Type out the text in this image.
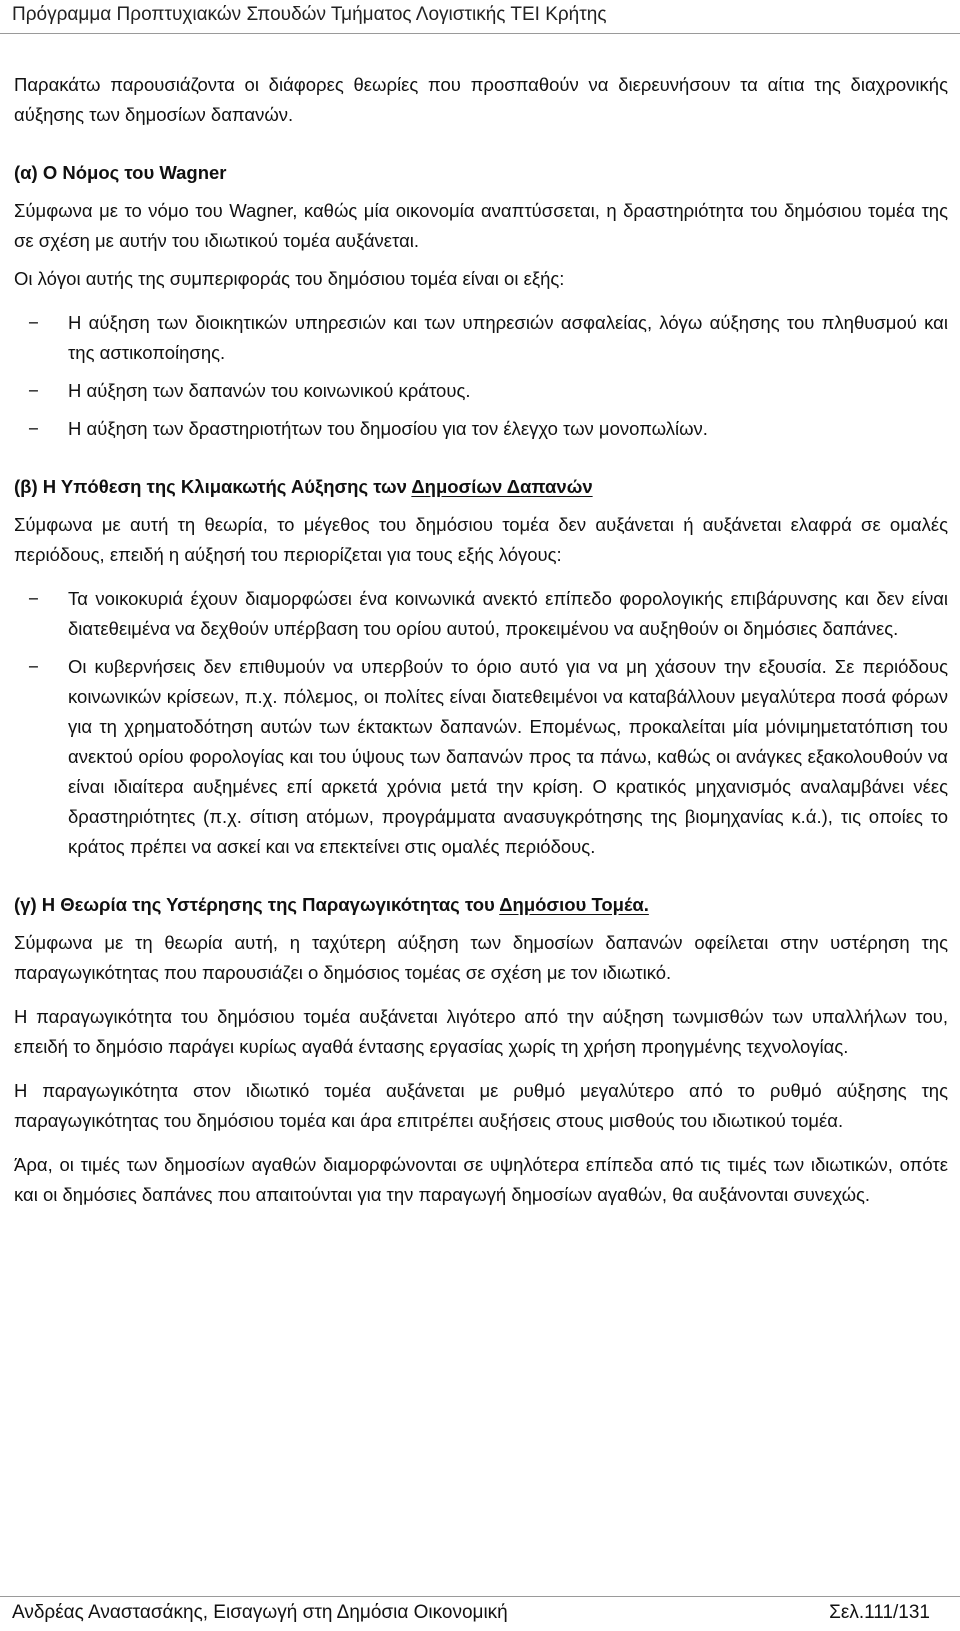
Πρόγραμμα Προπτυχιακών Σπουδών Τμήματος Λογιστικής ΤΕΙ Κρήτης

Παρακάτω παρουσιάζοντα οι διάφορες θεωρίες που προσπαθούν να διερευνήσουν τα αίτια της διαχρονικής αύξησης των δημοσίων δαπανών.

(α) Ο Νόμος του Wagner

Σύμφωνα με το νόμο του Wagner, καθώς μία οικονομία αναπτύσσεται, η δραστηριότητα του δημόσιου τομέα της σε σχέση με αυτήν του ιδιωτικού τομέα αυξάνεται.

Οι λόγοι αυτής της συμπεριφοράς του δημόσιου τομέα είναι οι εξής:

− Η αύξηση των διοικητικών υπηρεσιών και των υπηρεσιών ασφαλείας, λόγω αύξησης του πληθυσμού και της αστικοποίησης.
− Η αύξηση των δαπανών του κοινωνικού κράτους.
− Η αύξηση των δραστηριοτήτων του δημοσίου για τον έλεγχο των μονοπωλίων.

(β) Η Υπόθεση της Κλιμακωτής Αύξησης των Δημοσίων Δαπανών

Σύμφωνα με αυτή τη θεωρία, το μέγεθος του δημόσιου τομέα δεν αυξάνεται ή αυξάνεται ελαφρά σε ομαλές περιόδους, επειδή η αύξησή του περιορίζεται για τους εξής λόγους:

− Τα νοικοκυριά έχουν διαμορφώσει ένα κοινωνικά ανεκτό επίπεδο φορολογικής επιβάρυνσης και δεν είναι διατεθειμένα να δεχθούν υπέρβαση του ορίου αυτού, προκειμένου να αυξηθούν οι δημόσιες δαπάνες.
− Οι κυβερνήσεις δεν επιθυμούν να υπερβούν το όριο αυτό για να μη χάσουν την εξουσία. Σε περιόδους κοινωνικών κρίσεων, π.χ. πόλεμος, οι πολίτες είναι διατεθειμένοι να καταβάλλουν μεγαλύτερα ποσά φόρων για τη χρηματοδότηση αυτών των έκτακτων δαπανών. Επομένως, προκαλείται μία μόνιμημετατόπιση του ανεκτού ορίου φορολογίας και του ύψους των δαπανών προς τα πάνω, καθώς οι ανάγκες εξακολουθούν να είναι ιδιαίτερα αυξημένες επί αρκετά χρόνια μετά την κρίση. Ο κρατικός μηχανισμός αναλαμβάνει νέες δραστηριότητες (π.χ. σίτιση ατόμων, προγράμματα ανασυγκρότησης της βιομηχανίας κ.ά.), τις οποίες το κράτος πρέπει να ασκεί και να επεκτείνει στις ομαλές περιόδους.

(γ) Η Θεωρία της Υστέρησης της Παραγωγικότητας του Δημόσιου Τομέα.

Σύμφωνα με τη θεωρία αυτή, η ταχύτερη αύξηση των δημοσίων δαπανών οφείλεται στην υστέρηση της παραγωγικότητας που παρουσιάζει ο δημόσιος τομέας σε σχέση με τον ιδιωτικό.

Η παραγωγικότητα του δημόσιου τομέα αυξάνεται λιγότερο από την αύξηση τωνμισθών των υπαλλήλων του, επειδή το δημόσιο παράγει κυρίως αγαθά έντασης εργασίας χωρίς τη χρήση προηγμένης τεχνολογίας.

Η παραγωγικότητα στον ιδιωτικό τομέα αυξάνεται με ρυθμό μεγαλύτερο από το ρυθμό αύξησης της παραγωγικότητας του δημόσιου τομέα και άρα επιτρέπει αυξήσεις στους μισθούς του ιδιωτικού τομέα.

Άρα, οι τιμές των δημοσίων αγαθών διαμορφώνονται σε υψηλότερα επίπεδα από τις τιμές των ιδιωτικών, οπότε και οι δημόσιες δαπάνες που απαιτούνται για την παραγωγή δημοσίων αγαθών, θα αυξάνονται συνεχώς.

Ανδρέας Αναστασάκης, Εισαγωγή στη Δημόσια Οικονομική	Σελ.111/131
